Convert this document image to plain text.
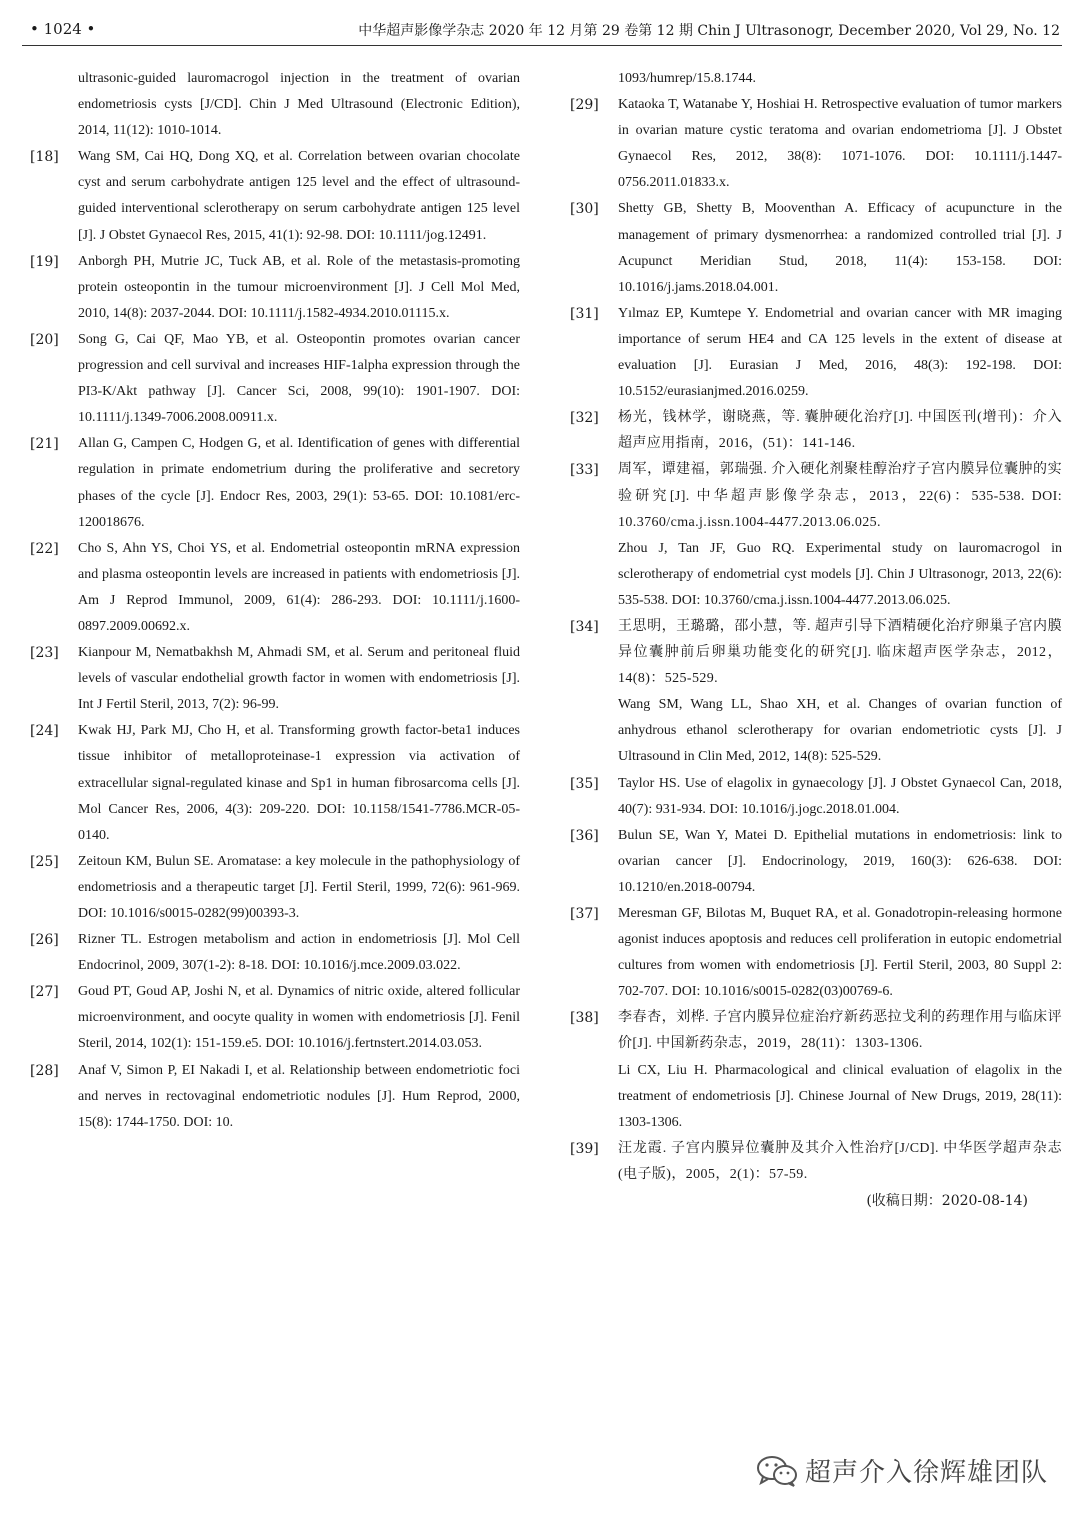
• 1024 •	中华超声影像学杂志 2020 年 12 月第 29 卷第 12 期 Chin J Ultrasonogr, December 2020, Vol 29, No. 12

ultrasonic-guided lauromacrogol injection in the treatment of ovarian endometriosis cysts [J/CD]. Chin J Med Ultrasound (Electronic Edition), 2014, 11(12): 1010-1014.

[18] Wang SM, Cai HQ, Dong XQ, et al. Correlation between ovarian chocolate cyst and serum carbohydrate antigen 125 level and the effect of ultrasound-guided interventional sclerotherapy on serum carbohydrate antigen 125 level [J]. J Obstet Gynaecol Res, 2015, 41(1): 92-98. DOI: 10.1111/jog.12491.

[19] Anborgh PH, Mutrie JC, Tuck AB, et al. Role of the metastasis-promoting protein osteopontin in the tumour microenvironment [J]. J Cell Mol Med, 2010, 14(8): 2037-2044. DOI: 10.1111/j.1582-4934.2010.01115.x.

[20] Song G, Cai QF, Mao YB, et al. Osteopontin promotes ovarian cancer progression and cell survival and increases HIF-1alpha expression through the PI3-K/Akt pathway [J]. Cancer Sci, 2008, 99(10): 1901-1907. DOI: 10.1111/j.1349-7006.2008.00911.x.

[21] Allan G, Campen C, Hodgen G, et al. Identification of genes with differential regulation in primate endometrium during the proliferative and secretory phases of the cycle [J]. Endocr Res, 2003, 29(1): 53-65. DOI: 10.1081/erc-120018676.

[22] Cho S, Ahn YS, Choi YS, et al. Endometrial osteopontin mRNA expression and plasma osteopontin levels are increased in patients with endometriosis [J]. Am J Reprod Immunol, 2009, 61(4): 286-293. DOI: 10.1111/j.1600-0897.2009.00692.x.

[23] Kianpour M, Nematbakhsh M, Ahmadi SM, et al. Serum and peritoneal fluid levels of vascular endothelial growth factor in women with endometriosis [J]. Int J Fertil Steril, 2013, 7(2): 96-99.

[24] Kwak HJ, Park MJ, Cho H, et al. Transforming growth factor-beta1 induces tissue inhibitor of metalloproteinase-1 expression via activation of extracellular signal-regulated kinase and Sp1 in human fibrosarcoma cells [J]. Mol Cancer Res, 2006, 4(3): 209-220. DOI: 10.1158/1541-7786.MCR-05-0140.

[25] Zeitoun KM, Bulun SE. Aromatase: a key molecule in the pathophysiology of endometriosis and a therapeutic target [J]. Fertil Steril, 1999, 72(6): 961-969. DOI: 10.1016/s0015-0282(99)00393-3.

[26] Rizner TL. Estrogen metabolism and action in endometriosis [J]. Mol Cell Endocrinol, 2009, 307(1-2): 8-18. DOI: 10.1016/j.mce.2009.03.022.

[27] Goud PT, Goud AP, Joshi N, et al. Dynamics of nitric oxide, altered follicular microenvironment, and oocyte quality in women with endometriosis [J]. Fenil Steril, 2014, 102(1): 151-159.e5. DOI: 10.1016/j.fertnstert.2014.03.053.

[28] Anaf V, Simon P, EI Nakadi I, et al. Relationship between endometriotic foci and nerves in rectovaginal endometriotic nodules [J]. Hum Reprod, 2000, 15(8): 1744-1750. DOI: 10.

1093/humrep/15.8.1744.

[29] Kataoka T, Watanabe Y, Hoshiai H. Retrospective evaluation of tumor markers in ovarian mature cystic teratoma and ovarian endometrioma [J]. J Obstet Gynaecol Res, 2012, 38(8): 1071-1076. DOI: 10.1111/j.1447-0756.2011.01833.x.

[30] Shetty GB, Shetty B, Mooventhan A. Efficacy of acupuncture in the management of primary dysmenorrhea: a randomized controlled trial [J]. J Acupunct Meridian Stud, 2018, 11(4): 153-158. DOI: 10.1016/j.jams.2018.04.001.

[31] Yılmaz EP, Kumtepe Y. Endometrial and ovarian cancer with MR imaging importance of serum HE4 and CA 125 levels in the extent of disease at evaluation [J]. Eurasian J Med, 2016, 48(3): 192-198. DOI: 10.5152/eurasianjmed.2016.0259.

[32] 杨光，钱林学，谢晓燕，等. 囊肿硬化治疗[J]. 中国医刊(增刊)：介入超声应用指南，2016，(51)：141-146.

[33] 周军，谭建福，郭瑞强. 介入硬化剂聚桂醇治疗子宫内膜异位囊肿的实验研究[J]. 中华超声影像学杂志，2013，22(6)：535-538. DOI: 10.3760/cma.j.issn.1004-4477.2013.06.025.

Zhou J, Tan JF, Guo RQ. Experimental study on lauromacrogol in sclerotherapy of endometrial cyst models [J]. Chin J Ultrasonogr, 2013, 22(6): 535-538. DOI: 10.3760/cma.j.issn.1004-4477.2013.06.025.

[34] 王思明，王璐璐，邵小慧，等. 超声引导下酒精硬化治疗卵巢子宫内膜异位囊肿前后卵巢功能变化的研究[J]. 临床超声医学杂志，2012，14(8)：525-529.

Wang SM, Wang LL, Shao XH, et al. Changes of ovarian function of anhydrous ethanol sclerotherapy for ovarian endometriotic cysts [J]. J Ultrasound in Clin Med, 2012, 14(8): 525-529.

[35] Taylor HS. Use of elagolix in gynaecology [J]. J Obstet Gynaecol Can, 2018, 40(7): 931-934. DOI: 10.1016/j.jogc.2018.01.004.

[36] Bulun SE, Wan Y, Matei D. Epithelial mutations in endometriosis: link to ovarian cancer [J]. Endocrinology, 2019, 160(3): 626-638. DOI: 10.1210/en.2018-00794.

[37] Meresman GF, Bilotas M, Buquet RA, et al. Gonadotropin-releasing hormone agonist induces apoptosis and reduces cell proliferation in eutopic endometrial cultures from women with endometriosis [J]. Fertil Steril, 2003, 80 Suppl 2: 702-707. DOI: 10.1016/s0015-0282(03)00769-6.

[38] 李春杏，刘桦. 子宫内膜异位症治疗新药恶拉戈利的药理作用与临床评价[J]. 中国新药杂志，2019，28(11)：1303-1306.

Li CX, Liu H. Pharmacological and clinical evaluation of elagolix in the treatment of endometriosis [J]. Chinese Journal of New Drugs, 2019, 28(11): 1303-1306.

[39] 汪龙霞. 子宫内膜异位囊肿及其介入性治疗[J/CD]. 中华医学超声杂志(电子版)，2005，2(1)：57-59.

(收稿日期：2020-08-14)
超声介入徐辉雄团队
